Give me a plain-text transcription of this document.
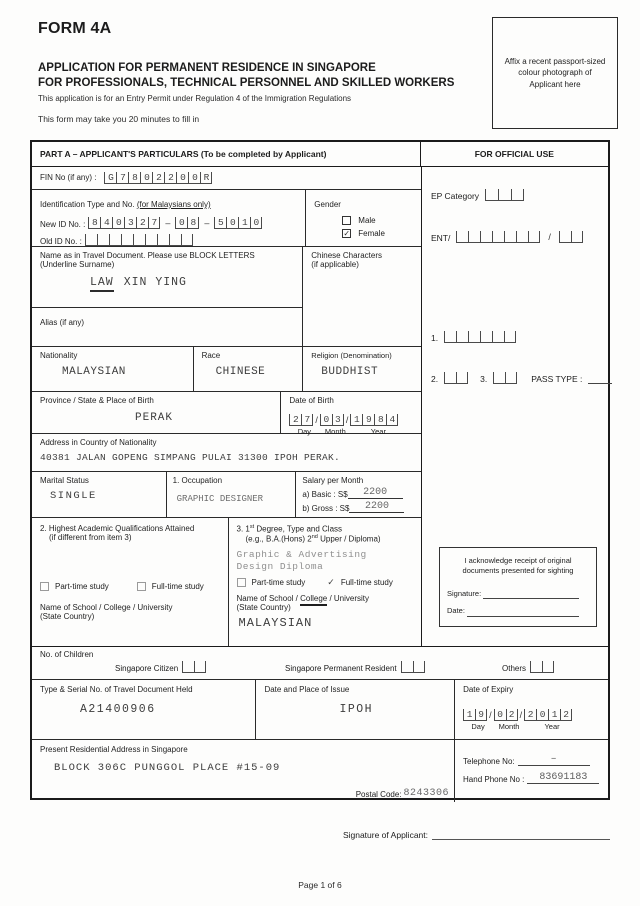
FORM 4A
APPLICATION FOR PERMANENT RESIDENCE IN SINGAPORE
FOR PROFESSIONALS, TECHNICAL PERSONNEL AND SKILLED WORKERS
This application is for an Entry Permit under Regulation 4 of the Immigration Regulations
This form may take you 20 minutes to fill in
Affix a recent passport-sized colour photograph of Applicant here
PART A – APPLICANT'S PARTICULARS (To be completed by Applicant)	FOR OFFICIAL USE
FIN No (if any) :	G 7 8 0 2 2 0 0 R
Identification Type and No. (for Malaysians only)
New ID No. : 8 4 0 3 2 7 – 0 8 – 5 0 1 0
Old ID No. :
Gender
Male
✓ Female
Name as in Travel Document. Please use BLOCK LETTERS
(Underline Surname)
LAW XIN YING
Alias (if any)
Chinese Characters
(if applicable)
Nationality
MALAYSIAN
Race
CHINESE
Religion (Denomination)
BUDDHIST
Province / State & Place of Birth
PERAK
Date of Birth
2 7 / 0 3 / 1 9 8 4
Day	Month	Year
Address in Country of Nationality
40381 JALAN GOPENG SIMPANG PULAI 31300 IPOH PERAK.
Marital Status
SINGLE
1. Occupation
GRAPHIC DESIGNER
Salary per Month
a) Basic : S$	2200
b) Gross : S$	2200
2. Highest Academic Qualifications Attained
(if different from item 3)
Part-time study	Full-time study
Name of School / College / University
(State Country)
3. 1st Degree, Type and Class
(e.g., B.A.(Hons) 2nd Upper / Diploma)
Graphic & Advertising
Design Diploma
Part-time study ✓ Full-time study
Name of School / College / University
(State Country)
MALAYSIAN
EP Category
ENT/	/
1.
2.	3.	PASS TYPE :
I acknowledge receipt of original
documents presented for sighting
Signature:
Date:
No. of Children
Singapore Citizen	Singapore Permanent Resident	Others
Type & Serial No. of Travel Document Held
A21400906
Date and Place of Issue
IPOH
Date of Expiry
1 9 / 0 2 / 2 0 1 2
Day	Month	Year
Present Residential Address in Singapore
BLOCK 306C PUNGGOL PLACE #15-09
Postal Code: 8243306
Telephone No:	–
Hand Phone No :	83691183
Signature of Applicant:
Page 1 of 6
